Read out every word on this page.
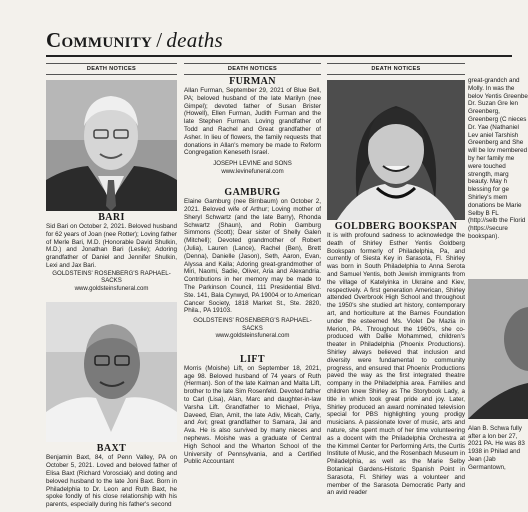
Community / deaths
DEATH NOTICES
BARI

Sid Bari on October 2, 2021. Beloved husband for 62 years of Joan (nee Rotter); Loving father of Merle Bari, M.D. (Honorable David Shulkin, M.D.) and Jonathan Bari (Leslie); Adoring grandfather of Daniel and Jennifer Shulkin, Lexi and Jax Bari.

GOLDSTEINS' ROSENBERG'S RAPHAEL-SACKS

www.goldsteinsfuneral.com

BAXT

Benjamin Baxt, 84, of Penn Valley, PA on October 5, 2021. Loved and beloved father of Elisa Baxt (Richard Vorosciak) and doting and beloved husband to the late Joni Baxt. Born in Philadelphia to Dr. Leon and Ruth Baxt, he spoke fondly of his close relationship with his parents, especially during his father's second

DEATH NOTICES
FURMAN

Allan Furman, September 29, 2021 of Blue Bell, PA; beloved husband of the late Marilyn (nee Gimpel); devoted father of Susan Brister (Howell), Ellen Furman, Judith Furman and the late Stephen Furman. Loving grandfather of Todd and Rachel and Great grandfather of Asher. In lieu of flowers, the family requests that donations in Allan's memory be made to Reform Congregation Keneseth Israel.

JOSEPH LEVINE and SONS

www.levinefuneral.com

GAMBURG

Elaine Gamburg (nee Birnbaum) on October 2, 2021. Beloved wife of Arthur; Loving mother of Sheryl Schwartz (and the late Barry), Rhonda Schwartz (Shaun), and Robin Gamburg Simmons (Scott); Dear sister of Shelly Galen (Mitchell); Devoted grandmother of Robert (Julia), Lauren (Lance), Rachel (Ben), Brett (Denna), Danielle (Jason), Seth, Aaron, Evan, Alyssa and Kaila; Adoring great-grandmother of Miri, Naomi, Sadie, Oliver, Aria and Alexandria. Contributions in her memory may be made to The Parkinson Council, 111 Presidential Blvd. Ste. 141, Bala Cynwyd, PA 19004 or to American Cancer Society, 1818 Market St., Ste. 2820, Phila., PA 19103.

GOLDSTEINS' ROSENBERG'S RAPHAEL-SACKS

www.goldsteinsfuneral.com

LIFT

Morris (Moishe) Lift, on September 18, 2021, age 98. Beloved husband of 74 years of Ruth (Herman). Son of the late Kalman and Malta Lift, brother to the late Sim Rosenfeld. Devoted father to Carl (Lisa), Alan, Marc and daughter-in-law Varsha Lift. Grandfather to Michael, Priya, Daveed, Elan, Amit, the late Adiv, Micah, Carly, and Avi; great grandfather to Samara, Jai and Ava. He is also survived by many nieces and nephews. Moishe was a graduate of Central High School and the Wharton School of the University of Pennsylvania, and a Certified Public Accountant

DEATH NOTICES
GOLDBERG BOOKSPAN

It is with profound sadness to acknowledge the death of Shirley Esther Yentis Goldberg Bookspan formerly of Philadelphia, Pa, and currently of Siesta Key in Sarasota, Fl. Shirley was born in South Philadelphia to Anna Serota and Samuel Yentis, both Jewish immigrants from the village of Katelyinka in Ukraine and Kiev, respectively. A first generation American, Shirley attended Overbrook High School and throughout the 1950's she studied art history, contemporary art, and horticulture at the Barnes Foundation under the esteemed Ms. Violet De Mazia in Merion, PA. Throughout the 1960's, she co-produced with Dallie Mohammed, children's theater in Philadelphia (Phoenix Productions). Shirley always believed that inclusion and diversity were fundamental to community progress, and ensured that Phoenix Productions paved the way as the first integrated theatre company in the Philadelphia area. Families and children knew Shirley as The Storybook Lady, a title in which took great pride and joy. Later, Shirley produced an award nominated television special for PBS highlighting young prodigy musicians. A passionate lover of music, arts and nature, she spent much of her time volunteering as a docent with the Philadelphia Orchestra at the Kimmel Center for Performing Arts, the Curtis Institute of Music, and the Rosenbach Museum in Philadelphia, as well as the Marie Selby Botanical Gardens-Historic Spanish Point in Sarasota, Fl. Shirley was a volunteer and member of the Sarasota Democratic Party and an avid reader

great-grandch and Molly. In was the belov Yentis Greenbe Dr. Suzan Gre len Greenberg, Greenberg (C nieces Dr. Yae (Nathaniel Lev aniel Tarshish Greenberg and She will be lov membered by her family me were touched strength, marg beauty. May h blessing for ge Shirley's mem donations be Marie Selby B FL (http://selb the Florid (https://secure bookspan).

Alan B. Schwa fully after a lon ber 27, 2021 PA. He was 83 1938 in Philad and Jean (Jab Germantown,
